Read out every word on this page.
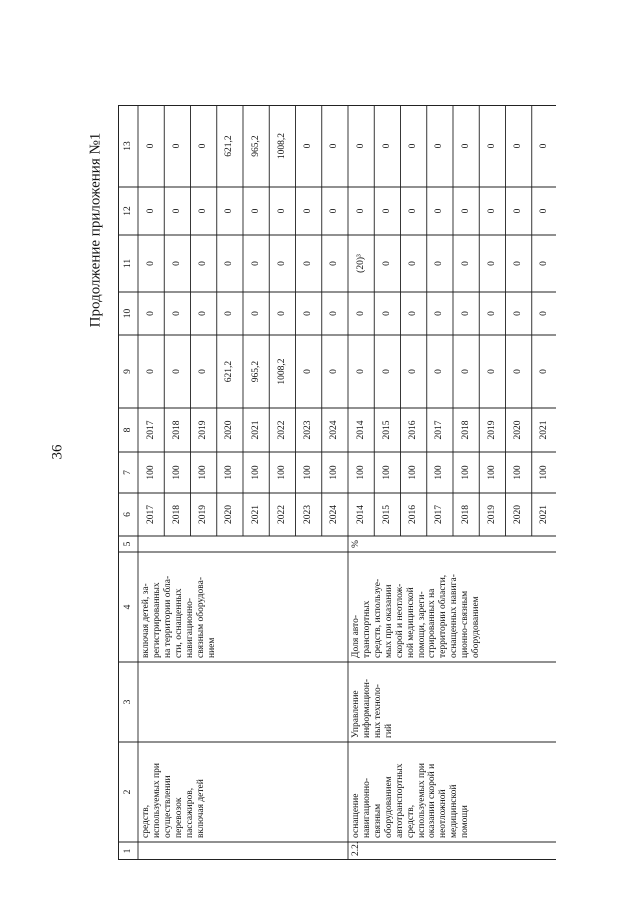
36
Продолжение приложения №1
1
2
3
4
5
6
7
8
9
10
11
12
13
средств,
используемых при
осуществлении
перевозок
пассажиров,
включая детей
включая детей, за-
регистрированных
на территории обла-
сти, оснащенных
навигационно-
связным оборудова-
нием
2017
100
2017
0
0
0
0
0
2018
100
2018
0
0
0
0
0
2019
100
2019
0
0
0
0
0
2020
100
2020
621,2
0
0
0
621,2
2021
100
2021
965,2
0
0
0
965,2
2022
100
2022
1008,2
0
0
0
1008,2
2023
100
2023
0
0
0
0
0
2024
100
2024
0
0
0
0
0
2.2.
оснащение
навигационно-
связным
оборудованием
автотранспортных
средств,
используемых при
оказании скорой и
неотложной
медицинской
помощи
Управление
информацион-
ных техноло-
гий
Доля авто-
транспортных
средств, используе-
мых при оказании
скорой и неотлож-
ной медицинской
помощи, зареги-
стрированных на
территории области,
оснащенных навига-
ционно-связным
оборудованием
%
2014
100
2014
0
0
(20)³
0
0
2015
100
2015
0
0
0
0
0
2016
100
2016
0
0
0
0
0
2017
100
2017
0
0
0
0
0
2018
100
2018
0
0
0
0
0
2019
100
2019
0
0
0
0
0
2020
100
2020
0
0
0
0
0
2021
100
2021
0
0
0
0
0
